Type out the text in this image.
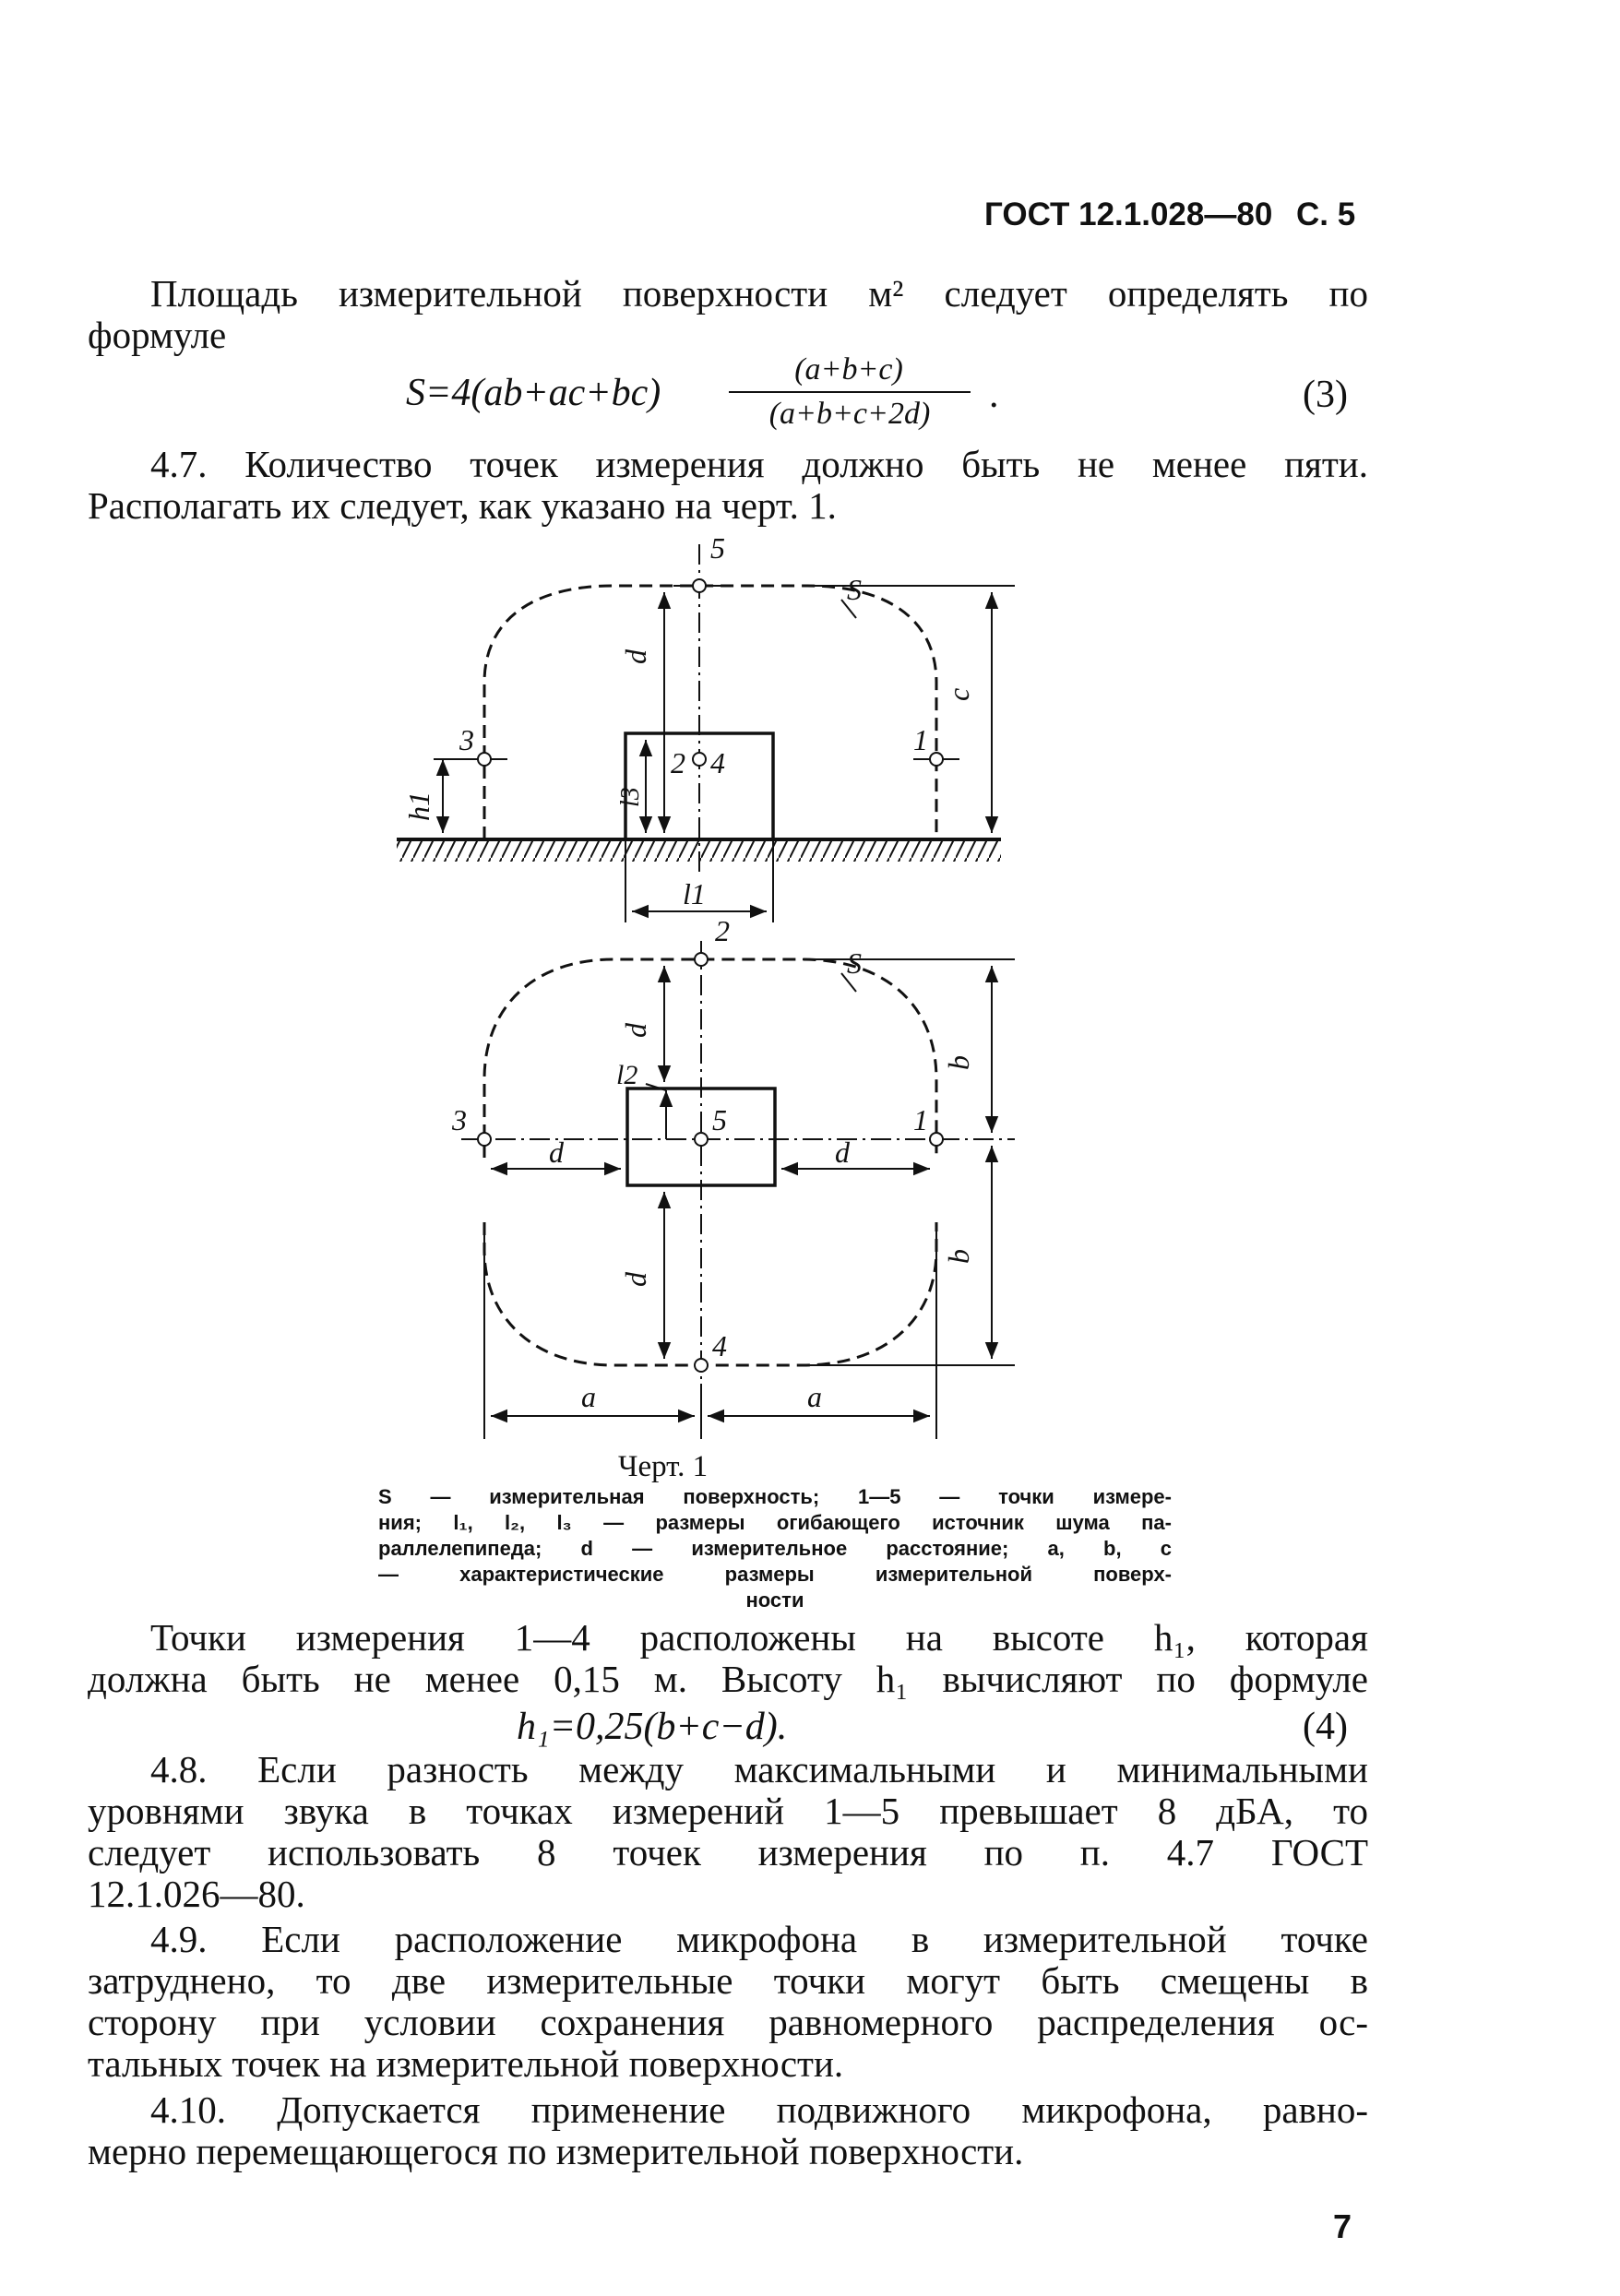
ГОСТ 12.1.028—80 С. 5
Площадь измерительной поверхности м² следует определять по
формуле
S=4(ab+ac+bc)
(a+b+c)
(a+b+c+2d)	.	(3)
4.7. Количество точек измерения должно быть не менее пяти.
Располагать их следует, как указано на черт. 1.
5
S
d
c
3	1
h1	l3
2 4
l1
2
S
d
b
l2
3	5	1
d	d
b
d
4
a	a
Черт. 1
S — измерительная поверхность; 1—5 — точки измере-
ния; l₁, l₂, l₃ — размеры огибающего источник шума па-
раллелепипеда; d — измерительное расстояние; a, b, c
— характеристические размеры измерительной поверх-
ности
Точки измерения 1—4 расположены на высоте h₁, которая
должна быть не менее 0,15 м. Высоту h₁ вычисляют по формуле
h₁=0,25(b+c−d).	(4)
4.8. Если разность между максимальными и минимальными
уровнями звука в точках измерений 1—5 превышает 8 дБА, то
следует использовать 8 точек измерения по п. 4.7 ГОСТ
12.1.026—80.
4.9. Если расположение микрофона в измерительной точке
затруднено, то две измерительные точки могут быть смещены в
сторону при условии сохранения равномерного распределения ос-
тальных точек на измерительной поверхности.
4.10. Допускается применение подвижного микрофона, равно-
мерно перемещающегося по измерительной поверхности.
7
